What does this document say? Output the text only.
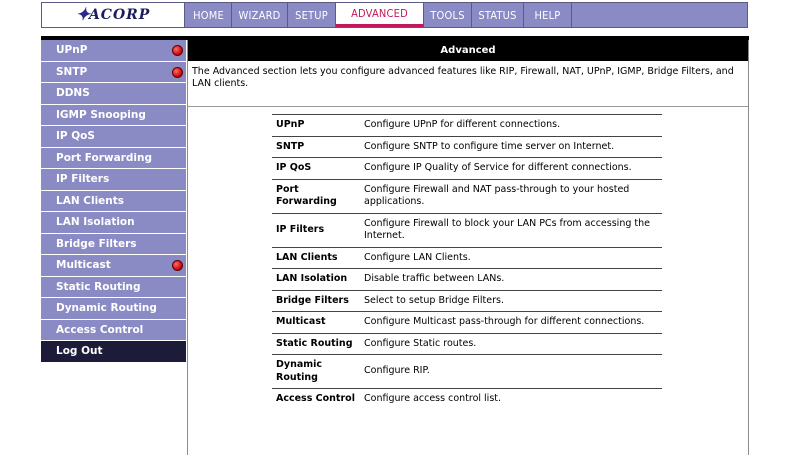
✦
ACORP	HOME	WIZARD	SETUP	ADVANCED	TOOLS	STATUS	HELP
UPnP
SNTP
DDNS
IGMP Snooping
IP QoS
Port Forwarding
IP Filters
LAN Clients
LAN Isolation
Bridge Filters
Multicast
Static Routing
Dynamic Routing
Access Control
Log Out
Advanced
The Advanced section lets you configure advanced features like RIP, Firewall, NAT, UPnP, IGMP, Bridge Filters, and LAN clients.
UPnP	Configure UPnP for different connections.
SNTP	Configure SNTP to configure time server on Internet.
IP QoS	Configure IP Quality of Service for different connections.
Port Forwarding	Configure Firewall and NAT pass-through to your hosted applications.
IP Filters	Configure Firewall to block your LAN PCs from accessing the Internet.
LAN Clients	Configure LAN Clients.
LAN Isolation	Disable traffic between LANs.
Bridge Filters	Select to setup Bridge Filters.
Multicast	Configure Multicast pass-through for different connections.
Static Routing	Configure Static routes.
Dynamic Routing	Configure RIP.
Access Control	Configure access control list.
